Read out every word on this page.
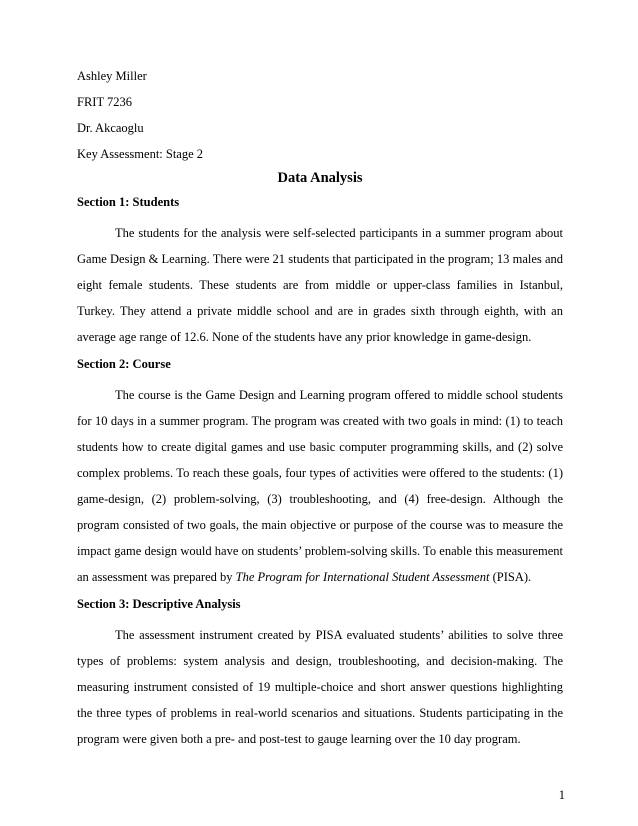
Ashley Miller
FRIT 7236
Dr. Akcaoglu
Key Assessment: Stage 2
Data Analysis
Section 1: Students

The students for the analysis were self-selected participants in a summer program about Game Design & Learning. There were 21 students that participated in the program; 13 males and eight female students. These students are from middle or upper-class families in Istanbul, Turkey. They attend a private middle school and are in grades sixth through eighth, with an average age range of 12.6. None of the students have any prior knowledge in game-design.

Section 2: Course

The course is the Game Design and Learning program offered to middle school students for 10 days in a summer program. The program was created with two goals in mind: (1) to teach students how to create digital games and use basic computer programming skills, and (2) solve complex problems. To reach these goals, four types of activities were offered to the students: (1) game-design, (2) problem-solving, (3) troubleshooting, and (4) free-design. Although the program consisted of two goals, the main objective or purpose of the course was to measure the impact game design would have on students’ problem-solving skills. To enable this measurement an assessment was prepared by The Program for International Student Assessment (PISA).

Section 3: Descriptive Analysis

The assessment instrument created by PISA evaluated students’ abilities to solve three types of problems: system analysis and design, troubleshooting, and decision-making. The measuring instrument consisted of 19 multiple-choice and short answer questions highlighting the three types of problems in real-world scenarios and situations. Students participating in the program were given both a pre- and post-test to gauge learning over the 10 day program.

1
